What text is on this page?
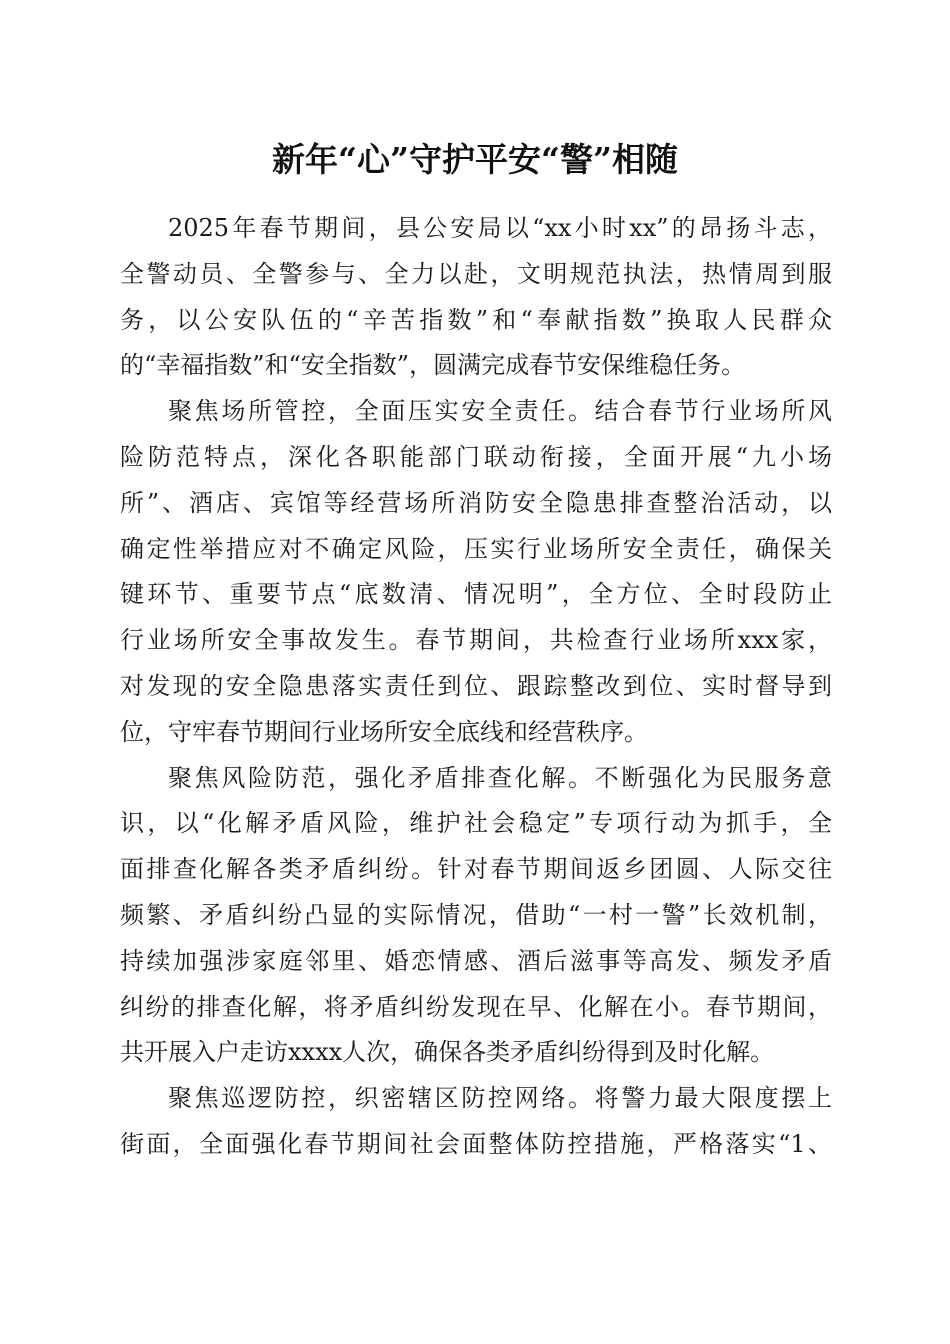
新年“心”守护平安“警”相随
2025年春节期间，县公安局以“xx小时xx”的昂扬斗志，
全警动员、全警参与、全力以赴，文明规范执法，热情周到服
务，以公安队伍的“辛苦指数”和“奉献指数”换取人民群众
的“幸福指数”和“安全指数”，圆满完成春节安保维稳任务。
聚焦场所管控，全面压实安全责任。结合春节行业场所风
险防范特点，深化各职能部门联动衔接，全面开展“九小场
所”、酒店、宾馆等经营场所消防安全隐患排查整治活动，以
确定性举措应对不确定风险，压实行业场所安全责任，确保关
键环节、重要节点“底数清、情况明”，全方位、全时段防止
行业场所安全事故发生。春节期间，共检查行业场所xxx家，
对发现的安全隐患落实责任到位、跟踪整改到位、实时督导到
位，守牢春节期间行业场所安全底线和经营秩序。
聚焦风险防范，强化矛盾排查化解。不断强化为民服务意
识，以“化解矛盾风险，维护社会稳定”专项行动为抓手，全
面排查化解各类矛盾纠纷。针对春节期间返乡团圆、人际交往
频繁、矛盾纠纷凸显的实际情况，借助“一村一警”长效机制，
持续加强涉家庭邻里、婚恋情感、酒后滋事等高发、频发矛盾
纠纷的排查化解，将矛盾纠纷发现在早、化解在小。春节期间，
共开展入户走访xxxx人次，确保各类矛盾纠纷得到及时化解。
聚焦巡逻防控，织密辖区防控网络。将警力最大限度摆上
街面，全面强化春节期间社会面整体防控措施，严格落实“1、
